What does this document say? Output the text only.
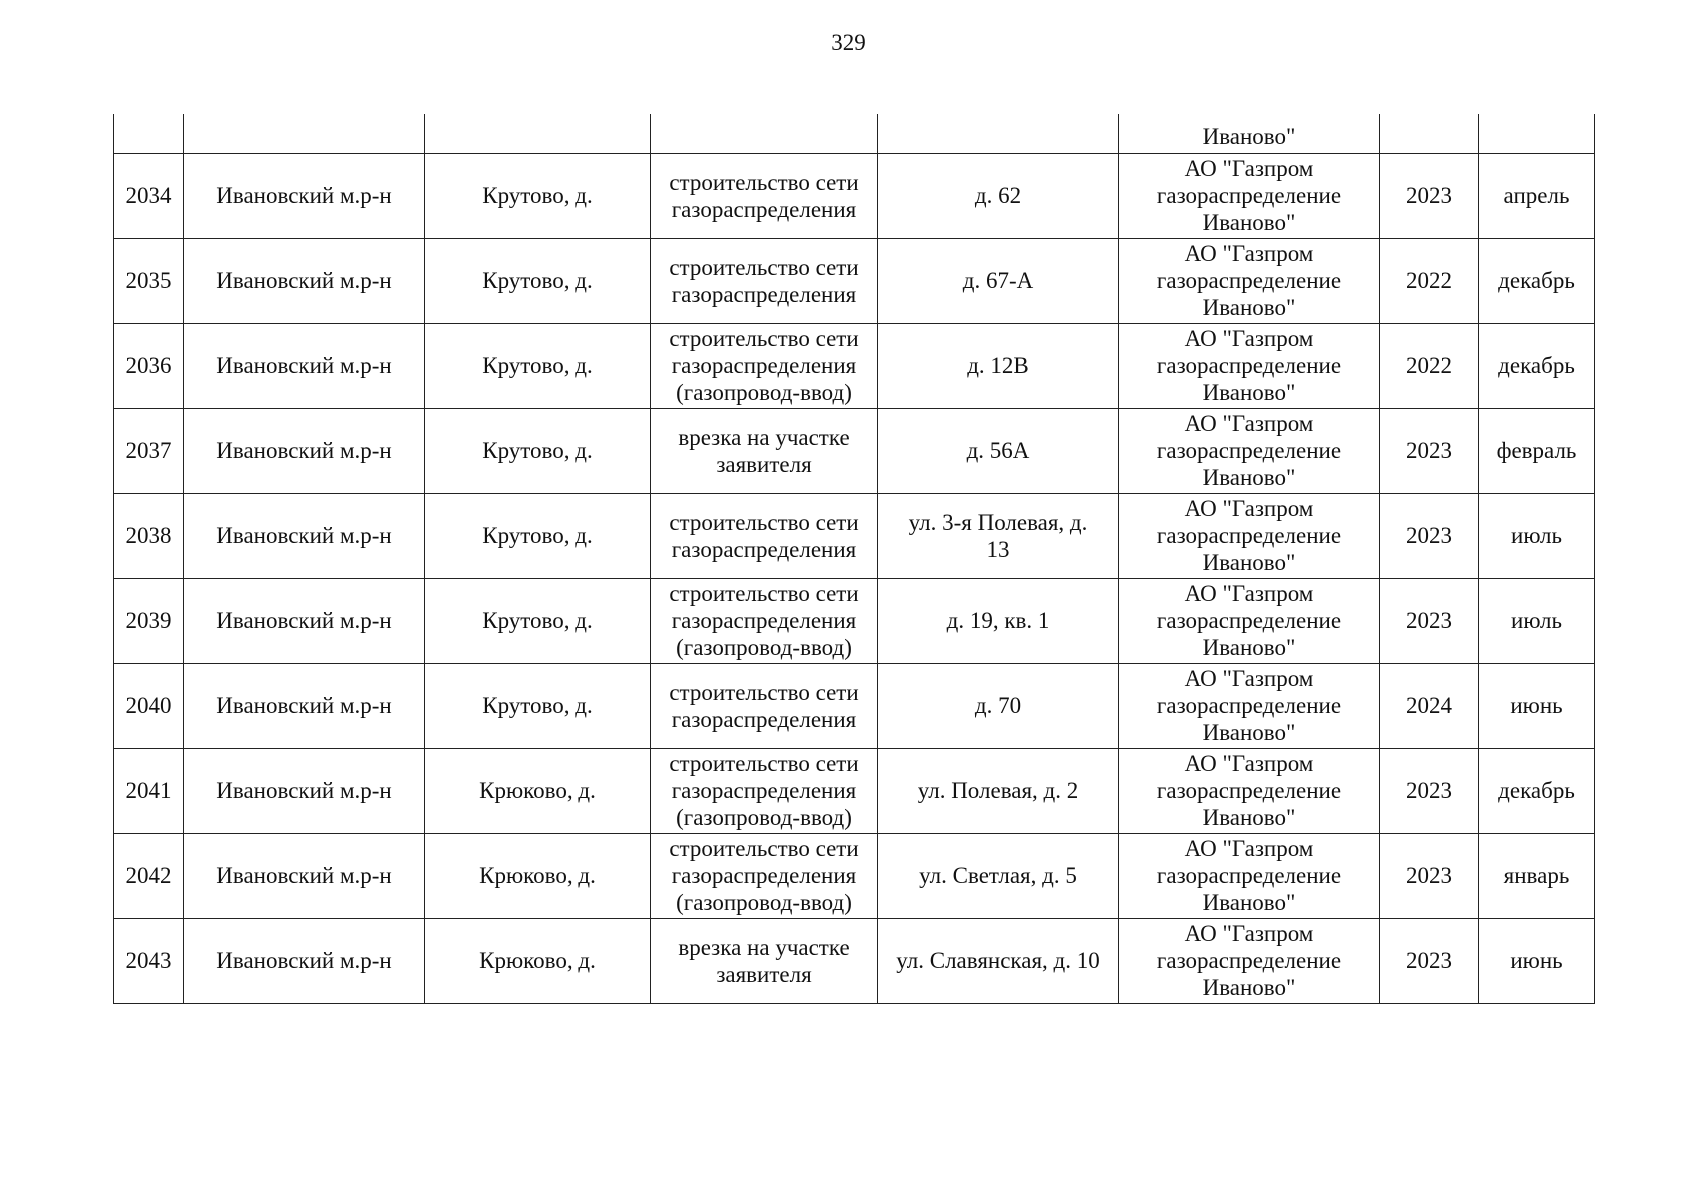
329

					Иваново"		

2034	Ивановский м.р-н	Крутово, д.	строительство сети
газораспределения	д. 62	АО "Газпром
газораспределение
Иваново"	2023	апрель

2035	Ивановский м.р-н	Крутово, д.	строительство сети
газораспределения	д. 67-А	АО "Газпром
газораспределение
Иваново"	2022	декабрь

2036	Ивановский м.р-н	Крутово, д.	строительство сети
газораспределения
(газопровод-ввод)	д. 12В	АО "Газпром
газораспределение
Иваново"	2022	декабрь

2037	Ивановский м.р-н	Крутово, д.	врезка на участке
заявителя	д. 56А	АО "Газпром
газораспределение
Иваново"	2023	февраль

2038	Ивановский м.р-н	Крутово, д.	строительство сети
газораспределения	ул. 3-я Полевая, д.
13	АО "Газпром
газораспределение
Иваново"	2023	июль

2039	Ивановский м.р-н	Крутово, д.	строительство сети
газораспределения
(газопровод-ввод)	д. 19, кв. 1	АО "Газпром
газораспределение
Иваново"	2023	июль

2040	Ивановский м.р-н	Крутово, д.	строительство сети
газораспределения	д. 70	АО "Газпром
газораспределение
Иваново"	2024	июнь

2041	Ивановский м.р-н	Крюково, д.	строительство сети
газораспределения
(газопровод-ввод)	ул. Полевая, д. 2	АО "Газпром
газораспределение
Иваново"	2023	декабрь

2042	Ивановский м.р-н	Крюково, д.	строительство сети
газораспределения
(газопровод-ввод)	ул. Светлая, д. 5	АО "Газпром
газораспределение
Иваново"	2023	январь

2043	Ивановский м.р-н	Крюково, д.	врезка на участке
заявителя	ул. Славянская, д. 10	АО "Газпром
газораспределение
Иваново"	2023	июнь
